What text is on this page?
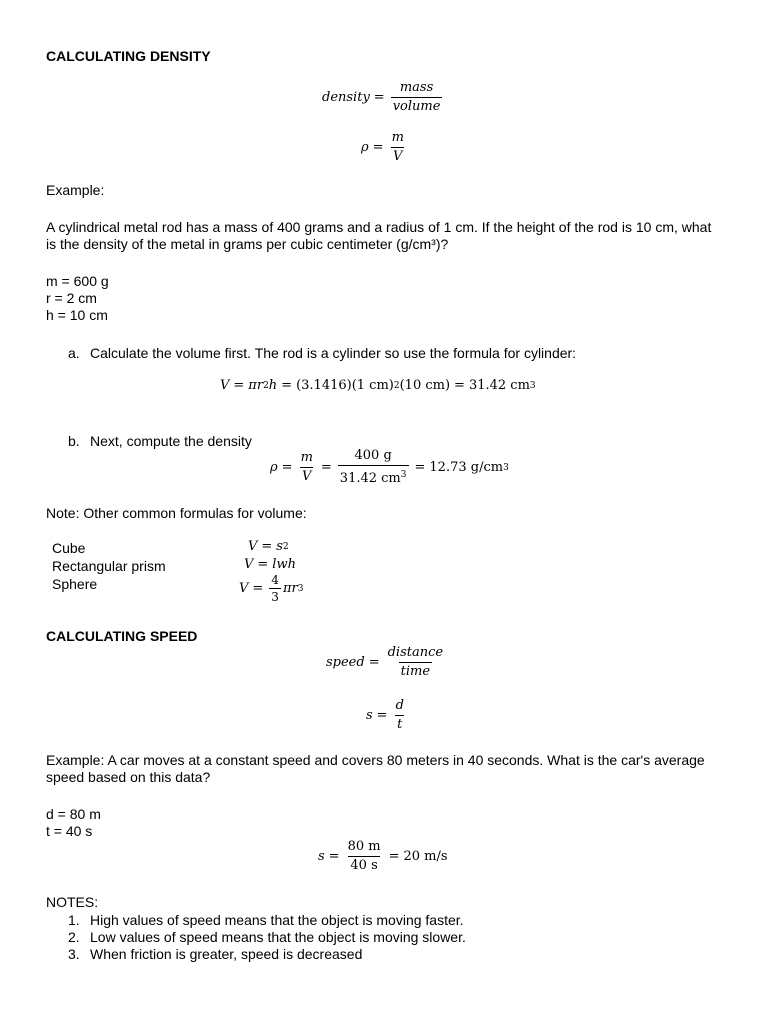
CALCULATING DENSITY
density = $\frac{\text{mass}}{\text{volume}}$
$\rho = \frac{m}{V}$
Example:
A cylindrical metal rod has a mass of 400 grams and a radius of 1 cm. If the height of the rod is 10 cm, what is the density of the metal in grams per cubic centimeter (g/cm³)?
m = 600 g
r = 2 cm
h = 10 cm
a. Calculate the volume first. The rod is a cylinder so use the formula for cylinder:
V = πr 2 h = (3.1416)(1 cm) 2 (10 cm) = 31.42 cm 3
b. Next, compute the density
$\rho = \frac{m}{V} = \frac{400 g}{31.42 cm^3} = 12.73$ g/cm 3
Note: Other common formulas for volume:
Cube
Rectangular prism
Sphere
V = s 2
V = lwh
$V = \frac{4}{3}$ πr 3
CALCULATING SPEED
speed = $\frac{\text{distance}}{\text{time}}$
$s = \frac{d}{t}$
Example: A car moves at a constant speed and covers 80 meters in 40 seconds. What is the car's average speed based on this data?
d = 80 m
t = 40 s
$s = \frac{80 m}{40 s} = 20$ m/s
NOTES:
1. High values of speed means that the object is moving faster.
2. Low values of speed means that the object is moving slower.
3. When friction is greater, speed is decreased
